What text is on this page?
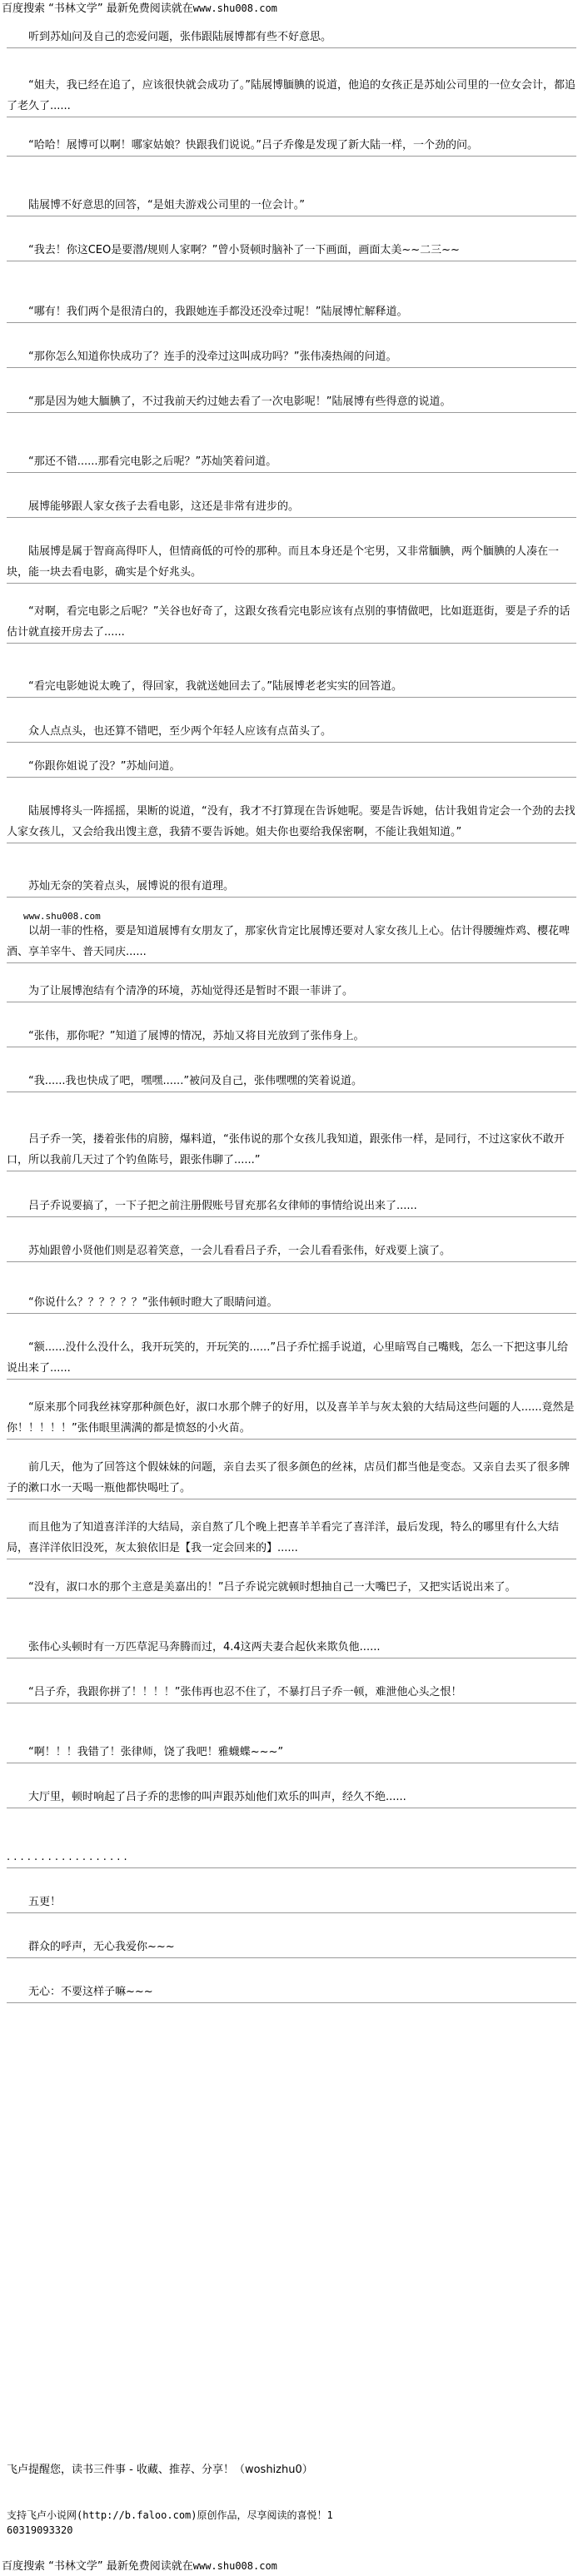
百度搜索 “书林文学” 最新免费阅读就在www.shu008.com

听到苏灿问及自己的恋爱问题，张伟跟陆展博都有些不好意思。

“姐夫，我已经在追了，应该很快就会成功了。”陆展博腼腆的说道，他追的女孩正是苏灿公司里的一位女会计，都追了老久了......

“哈哈！展博可以啊！哪家姑娘？快跟我们说说。”吕子乔像是发现了新大陆一样，一个劲的问。

陆展博不好意思的回答，“是姐夫游戏公司里的一位会计。”

“我去！你这CEO是要潜/规则人家啊？”曾小贤顿时脑补了一下画面，画面太美~~二三~~

“哪有！我们两个是很清白的，我跟她连手都没还没牵过呢！”陆展博忙解释道。

“那你怎么知道你快成功了？连手的没牵过这叫成功吗？”张伟凑热闹的问道。

“那是因为她大腼腆了，不过我前天约过她去看了一次电影呢！”陆展博有些得意的说道。

“那还不错......那看完电影之后呢？”苏灿笑着问道。

展博能够跟人家女孩子去看电影，这还是非常有进步的。

陆展博是属于智商高得吓人，但情商低的可怜的那种。而且本身还是个宅男，又非常腼腆，两个腼腆的人凑在一块，能一块去看电影，确实是个好兆头。

“对啊，看完电影之后呢？”关谷也好奇了，这跟女孩看完电影应该有点别的事情做吧，比如逛逛街，要是子乔的话估计就直接开房去了......

“看完电影她说太晚了，得回家，我就送她回去了。”陆展博老老实实的回答道。

众人点点头，也还算不错吧，至少两个年轻人应该有点苗头了。

“你跟你姐说了没？”苏灿问道。

陆展博将头一阵摇摇，果断的说道，“没有，我才不打算现在告诉她呢。要是告诉她，估计我姐肯定会一个劲的去找人家女孩儿，又会给我出馊主意，我猜不要告诉她。姐夫你也要给我保密啊，不能让我姐知道。”

苏灿无奈的笑着点头，展博说的很有道理。

以胡一菲的性格，要是知道展博有女朋友了，那家伙肯定比展博还要对人家女孩儿上心。估计得腰缠炸鸡、樱花啤酒、享羊宰牛、普天同庆......

为了让展博泡结有个清净的环境，苏灿觉得还是暂时不跟一菲讲了。

“张伟，那你呢？”知道了展博的情况，苏灿又将目光放到了张伟身上。

“我......我也快成了吧，嘿嘿......”被问及自己，张伟嘿嘿的笑着说道。

吕子乔一笑，搂着张伟的肩膀，爆料道，“张伟说的那个女孩儿我知道，跟张伟一样，是同行，不过这家伙不敢开口，所以我前几天过了个钓鱼陈号，跟张伟聊了......”

吕子乔说要搞了，一下子把之前注册假账号冒充那名女律师的事情给说出来了......

苏灿跟曾小贤他们则是忍着笑意，一会儿看看吕子乔，一会儿看看张伟，好戏要上演了。

“你说什么？？？？？？”张伟顿时瞪大了眼睛问道。

“额......没什么没什么，我开玩笑的，开玩笑的......”吕子乔忙摇手说道，心里暗骂自己嘴贱，怎么一下把这事儿给说出来了......

“原来那个同我丝袜穿那种颜色好，淑口水那个牌子的好用，以及喜羊羊与灰太狼的大结局这些问题的人......竟然是你！！！！！”张伟眼里满满的都是愤怒的小火苗。

前几天，他为了回答这个假妹妹的问题，亲自去买了很多颜色的丝袜，店员们都当他是变态。又亲自去买了很多牌子的漱口水一天喝一瓶他都快喝吐了。

而且他为了知道喜洋洋的大结局，亲自熬了几个晚上把喜羊羊看完了喜洋洋，最后发现，特么的哪里有什么大结局，喜洋洋依旧没死，灰太狼依旧是【我一定会回来的】......

“没有，淑口水的那个主意是美嘉出的！”吕子乔说完就顿时想抽自己一大嘴巴子，又把实话说出来了。

张伟心头顿时有一万匹草泥马奔腾而过，4.4这两夫妻合起伙来欺负他......

“吕子乔，我跟你拼了！！！！”张伟再也忍不住了，不暴打吕子乔一顿，难泄他心头之恨！

“啊！！！我错了！张律师，饶了我吧！雅蠛蝶~~~”

大厅里，顿时响起了吕子乔的悲惨的叫声跟苏灿他们欢乐的叫声，经久不绝......

. . . . . . . . . . . . . . . . . .

五更！

群众的呼声，无心我爱你~~~

无心：不要这样子嘛~~~

www.shu008.com
飞卢提醒您，读书三件事 - 收藏、推荐、分享！（woshizhu0）
支持飞卢小说网(http://b.faloo.com)原创作品，尽享阅读的喜悦！1
60319093320
百度搜索 “书林文学” 最新免费阅读就在www.shu008.com
